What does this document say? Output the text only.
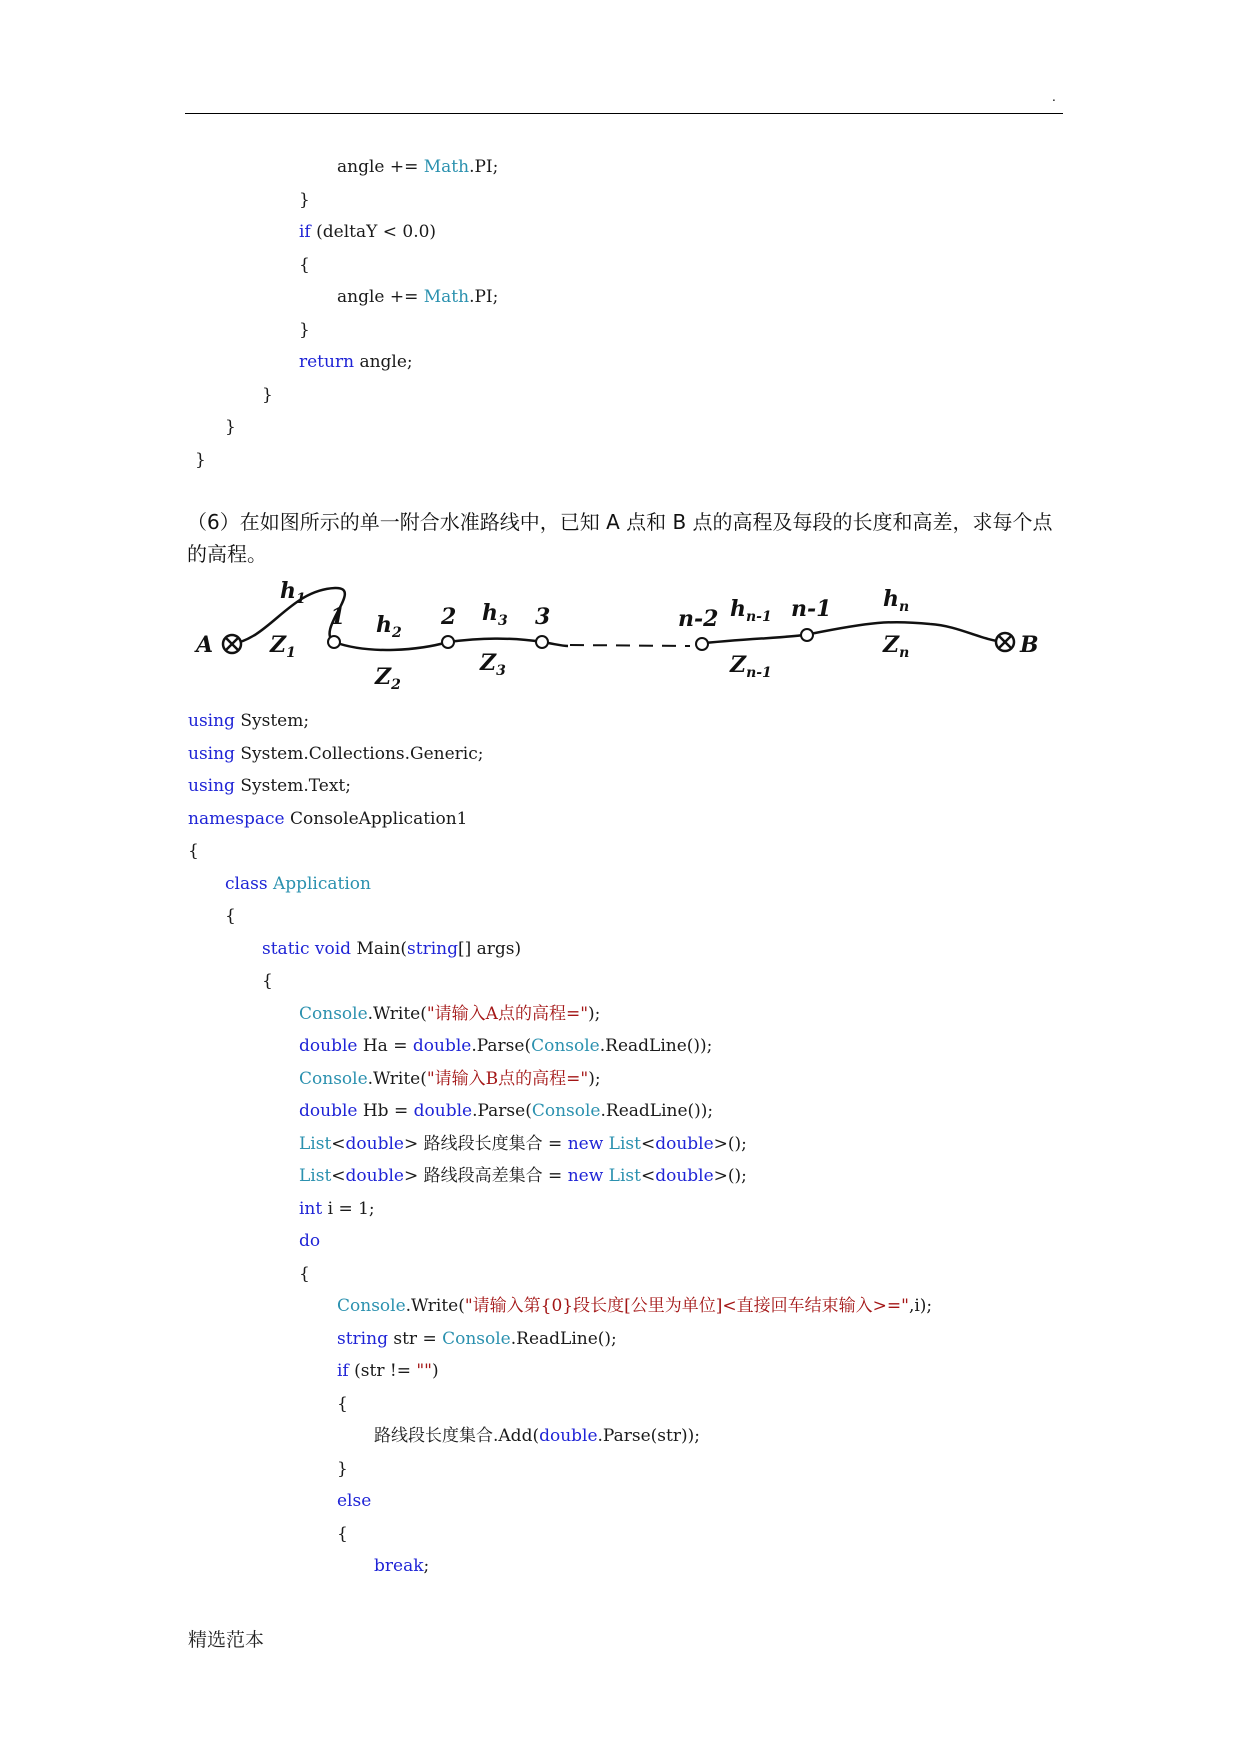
.
angle += Math.PI;
}
if (deltaY < 0.0)
{
angle += Math.PI;
}
return angle;
}
}
}
（6）在如图所示的单一附合水准路线中，已知 A 点和 B 点的高程及每段的长度和高差，求每个点的高程。
A	B
1	2	3	n-2	n-1
$h_1$
$h_2$
$h_3$	$h_{n-1}$
$h_n$
$Z_1$
$Z_2$
$Z_3$	$Z_{n-1}$
$Z_n$
using System;
using System.Collections.Generic;
using System.Text;
namespace ConsoleApplication1
{
class Application
{
static void Main(string[] args)
{
Console.Write("请输入A点的高程=");
double Ha = double.Parse(Console.ReadLine());
Console.Write("请输入B点的高程=");
double Hb = double.Parse(Console.ReadLine());
List<double> 路线段长度集合 = new List<double>();
List<double> 路线段高差集合 = new List<double>();
int i = 1;
do
{
Console.Write("请输入第{0}段长度[公里为单位]<直接回车结束输入>=",i);
string str = Console.ReadLine();
if (str != "")
{
路线段长度集合.Add(double.Parse(str));
}
else
{
break;
精选范本
